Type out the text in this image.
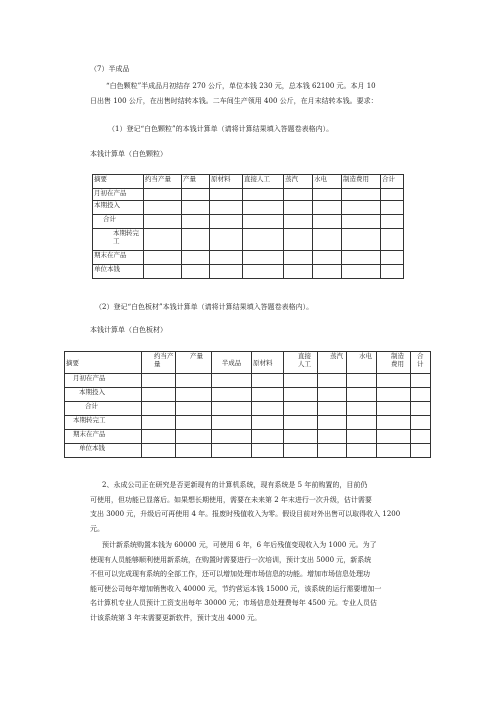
（7）半成品
“白色颗粒”半成品月初结存 270 公斤，单位本钱 230 元，总本钱 62100 元。本月 10
日出售 100 公斤，在出售时结转本钱。二车间生产领用 400 公斤，在月末结转本钱。要求：
（1）登记“白色颗粒”的本钱计算单（请将计算结果填入答题卷表格内）。
本钱计算单（白色颗粒）
摘要	约当产量	产量	原材料	直接人工	蒸汽	水电	制造费用	合计
月初在产品								
本期投入								
合计								
本期转完工								
期末在产品								
单位本钱								
（2）登记“白色板材”本钱计算单（请将计算结果填入答题卷表格内）。
本钱计算单（白色板材）
摘要	约当产量	产量	半成品	原材料	直接人工	蒸汽	水电	制造费用	合计
月初在产品									
本期投入									
合计									
本期转完工									
期末在产品									
单位本钱									
2、永成公司正在研究是否更新现有的计算机系统，现有系统是 5 年前购置的，目前仍
可使用，但功能已显落后。如果想长期使用，需要在未来第 2 年末进行一次升级，估计需要
支出 3000 元，升级后可再使用 4 年。报废时残值收入为零。假设目前对外出售可以取得收入 1200
元。
预计新系统购置本钱为 60000 元，可使用 6 年，6 年后残值变现收入为 1000 元。为了
使现有人员能够顺利使用新系统，在购置时需要进行一次培训，预计支出 5000 元，新系统
不但可以完成现有系统的全部工作，还可以增加处理市场信息的功能。增加市场信息处理功
能可使公司每年增加销售收入 40000 元，节约营运本钱 15000 元，该系统的运行需要增加一
名计算机专业人员预计工资支出每年 30000 元；市场信息处理费每年 4500 元。专业人员估
计该系统第 3 年末需要更新软件，预计支出 4000 元。
